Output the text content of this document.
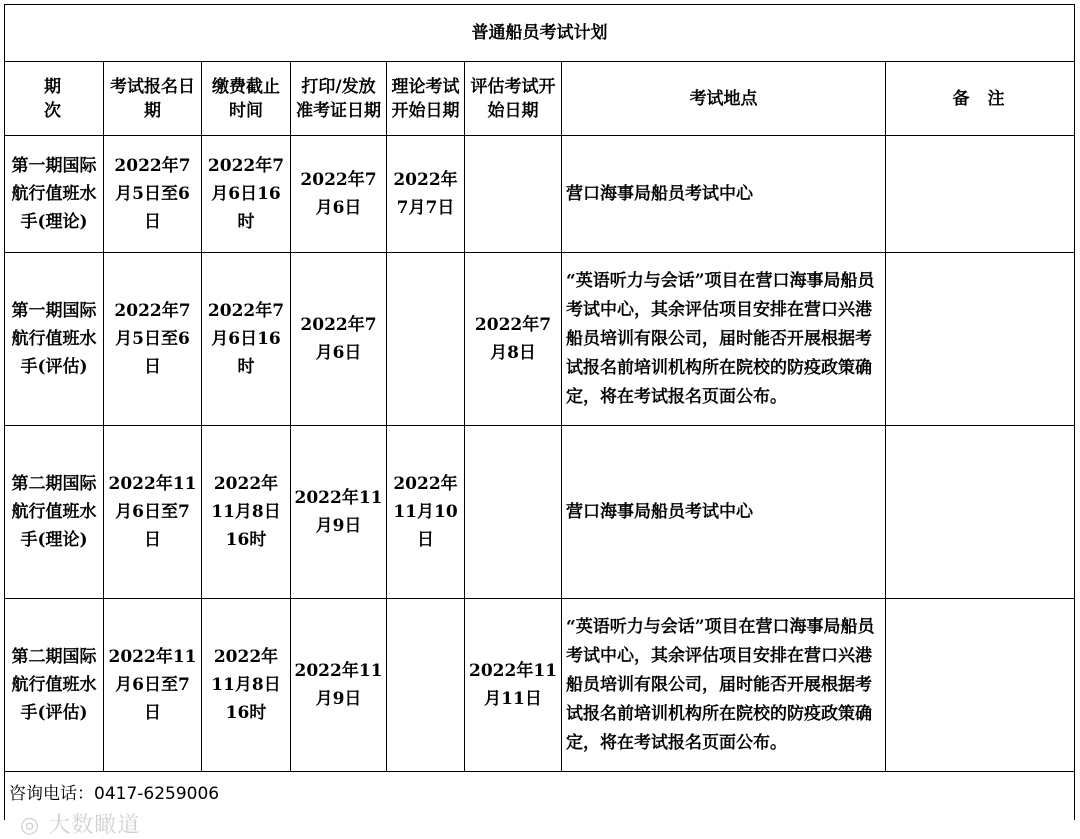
普通船员考试计划							
期次	考试报名日期	缴费截止时间	打印/发放准考证日期	理论考试开始日期	评估考试开始日期	考试地点	备注
第一期国际航行值班水手(理论)	2022年7月5日至6日	2022年7月6日16时	2022年7月6日	2022年7月7日		营口海事局船员考试中心	
第一期国际航行值班水手(评估)	2022年7月5日至6日	2022年7月6日16时	2022年7月6日		2022年7月8日	“英语听力与会话”项目在营口海事局船员考试中心，其余评估项目安排在营口兴港船员培训有限公司，届时能否开展根据考试报名前培训机构所在院校的防疫政策确定，将在考试报名页面公布。	
第二期国际航行值班水手(理论)	2022年11月6日至7日	2022年11月8日16时	2022年11月9日	2022年11月10日		营口海事局船员考试中心	
第二期国际航行值班水手(评估)	2022年11月6日至7日	2022年11月8日16时	2022年11月9日		2022年11月11日	“英语听力与会话”项目在营口海事局船员考试中心，其余评估项目安排在营口兴港船员培训有限公司，届时能否开展根据考试报名前培训机构所在院校的防疫政策确定，将在考试报名页面公布。	
咨询电话：0417-6259006							
◎ 大数瞰道
